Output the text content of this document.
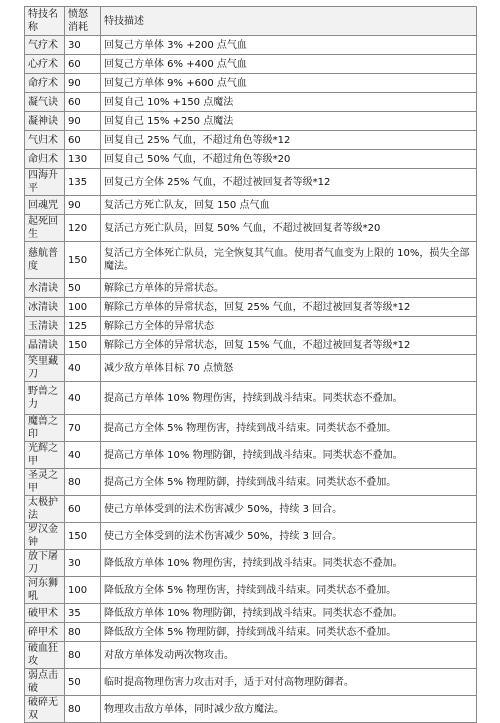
特技名称	愤怒消耗	特技描述
气疗术	30	回复己方单体 3% +200 点气血
心疗术	60	回复己方单体 6% +400 点气血
命疗术	90	回复己方单体 9% +600 点气血
凝气诀	60	回复自己 10% +150 点魔法
凝神诀	90	回复自己 15% +250 点魔法
气归术	60	回复自己 25% 气血，不超过角色等级*12
命归术	130	回复自己 50% 气血，不超过角色等级*20
四海升平	135	回复己方全体 25% 气血，不超过被回复者等级*12
回魂咒	90	复活己方死亡队友，回复 150 点气血
起死回生	120	复活己方死亡队员，回复 50% 气血，不超过被回复者等级*20
慈航普度	150	复活己方全体死亡队员，完全恢复其气血。使用者气血变为上限的 10%，损失全部魔法。
水清诀	50	解除己方单体的异常状态。
冰清诀	100	解除己方单体的异常状态，回复 25% 气血，不超过被回复者等级*12
玉清诀	125	解除己方全体的异常状态
晶清诀	150	解除己方全体的异常状态，回复 15% 气血，不超过被回复者等级*12
笑里藏刀	40	减少敌方单体目标 70 点愤怒
野兽之力	40	提高己方单体 10% 物理伤害，持续到战斗结束。同类状态不叠加。
魔兽之印	70	提高己方全体 5% 物理伤害，持续到战斗结束。同类状态不叠加。
光辉之甲	40	提高己方单体 10% 物理防御，持续到战斗结束。同类状态不叠加。
圣灵之甲	80	提高己方全体 5% 物理防御，持续到战斗结束。同类状态不叠加。
太极护法	60	使己方单体受到的法术伤害减少 50%，持续 3 回合。
罗汉金钟	150	使己方全体受到的法术伤害减少 50%，持续 3 回合。
放下屠刀	30	降低敌方单体 10% 物理伤害，持续到战斗结束。同类状态不叠加。
河东狮吼	100	降低敌方全体 5% 物理伤害，持续到战斗结束。同类状态不叠加。
破甲术	35	降低敌方单体 10% 物理防御，持续到战斗结束。同类状态不叠加。
碎甲术	80	降低敌方全体 5% 物理防御，持续到战斗结束。同类状态不叠加。
破血狂攻	80	对敌方单体发动两次物攻击。
弱点击破	50	临时提高物理伤害力攻击对手，适于对付高物理防御者。
破碎无双	80	物理攻击敌方单体，同时减少敌方魔法。
